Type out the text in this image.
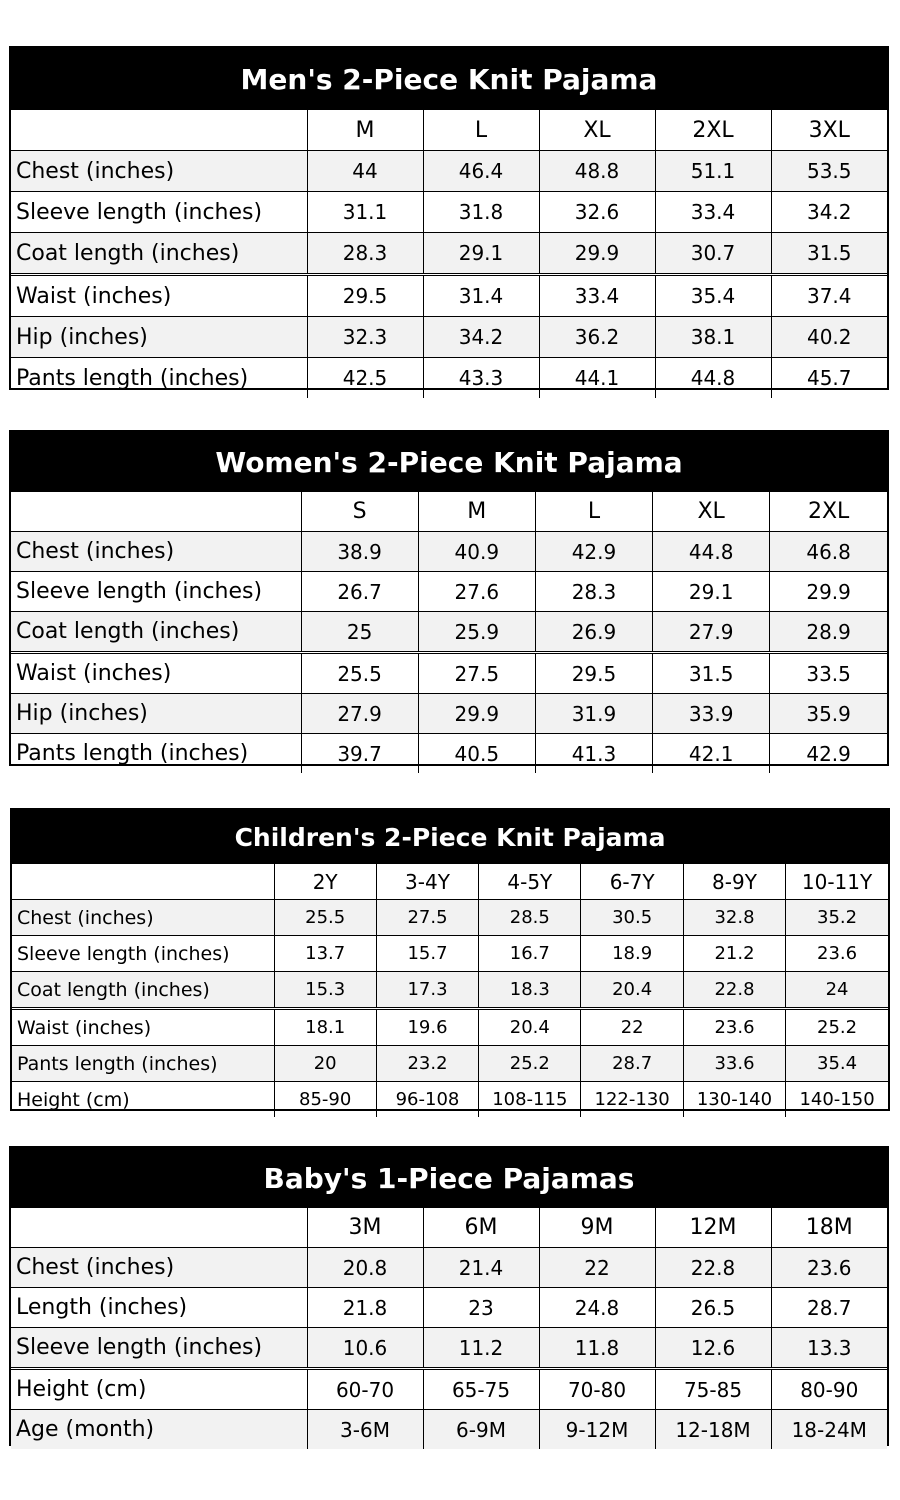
Men's 2-Piece Knit Pajama
	M	L	XL	2XL	3XL
Chest (inches)	44	46.4	48.8	51.1	53.5
Sleeve length (inches)	31.1	31.8	32.6	33.4	34.2
Coat length (inches)	28.3	29.1	29.9	30.7	31.5
Waist (inches)	29.5	31.4	33.4	35.4	37.4
Hip (inches)	32.3	34.2	36.2	38.1	40.2
Pants length (inches)	42.5	43.3	44.1	44.8	45.7
Women's 2-Piece Knit Pajama
	S	M	L	XL	2XL
Chest (inches)	38.9	40.9	42.9	44.8	46.8
Sleeve length (inches)	26.7	27.6	28.3	29.1	29.9
Coat length (inches)	25	25.9	26.9	27.9	28.9
Waist (inches)	25.5	27.5	29.5	31.5	33.5
Hip (inches)	27.9	29.9	31.9	33.9	35.9
Pants length (inches)	39.7	40.5	41.3	42.1	42.9
Children's 2-Piece Knit Pajama
	2Y	3-4Y	4-5Y	6-7Y	8-9Y	10-11Y
Chest (inches)	25.5	27.5	28.5	30.5	32.8	35.2
Sleeve length (inches)	13.7	15.7	16.7	18.9	21.2	23.6
Coat length (inches)	15.3	17.3	18.3	20.4	22.8	24
Waist (inches)	18.1	19.6	20.4	22	23.6	25.2
Pants length (inches)	20	23.2	25.2	28.7	33.6	35.4
Height (cm)	85-90	96-108	108-115	122-130	130-140	140-150
Baby's 1-Piece Pajamas
	3M	6M	9M	12M	18M
Chest (inches)	20.8	21.4	22	22.8	23.6
Length (inches)	21.8	23	24.8	26.5	28.7
Sleeve length (inches)	10.6	11.2	11.8	12.6	13.3
Height (cm)	60-70	65-75	70-80	75-85	80-90
Age (month)	3-6M	6-9M	9-12M	12-18M	18-24M
